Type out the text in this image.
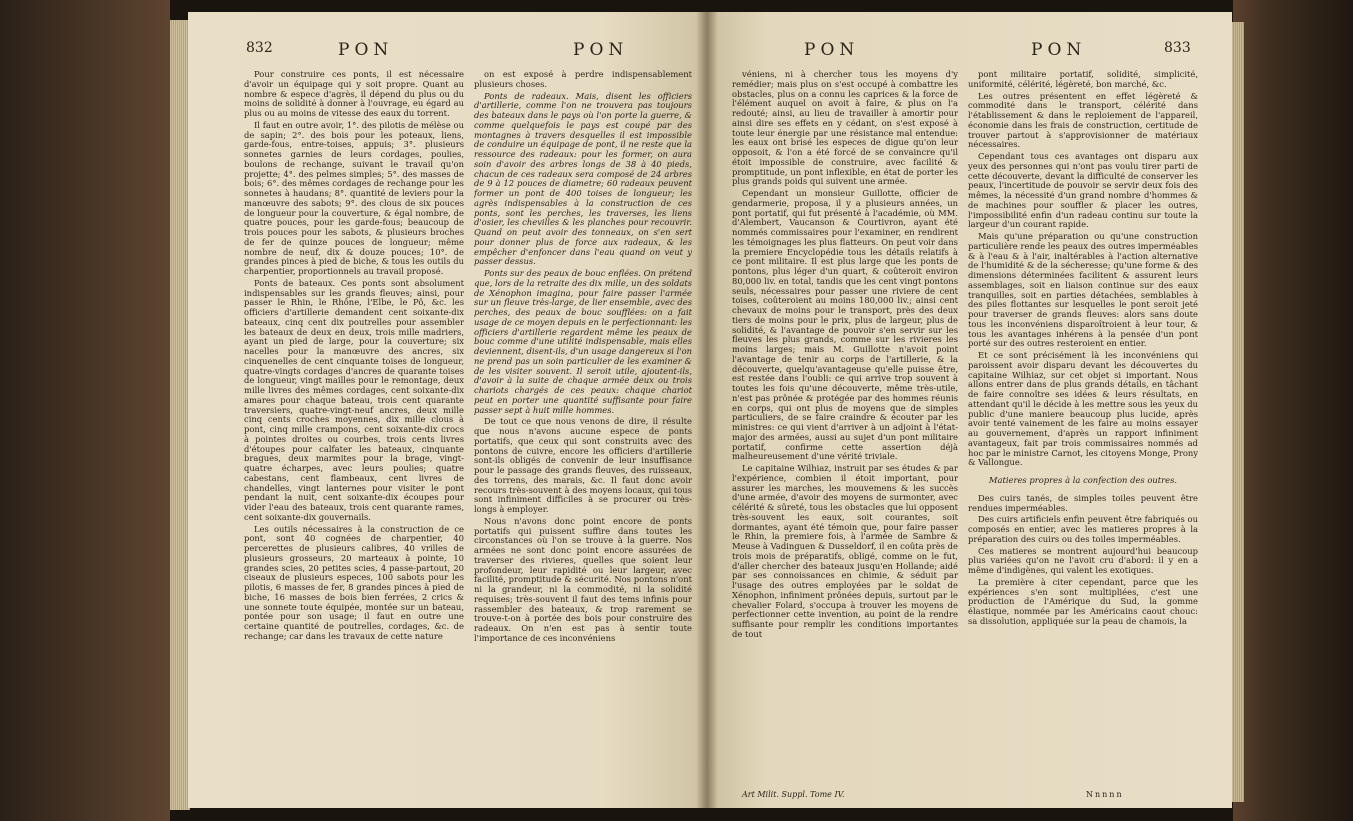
832	PON	PON

Pour construire ces ponts, il est nécessaire d'avoir un équipage qui y soit propre. Quant au nombre & espece d'agrès, il dépend du plus ou du moins de solidité à donner à l'ouvrage, eu égard au plus ou au moins de vitesse des eaux du torrent.

Il faut en outre avoir, 1°. des pilotis de mélèse ou de sapin; 2°. des bois pour les poteaux, liens, garde-fous, entre-toises, appuis; 3°. plusieurs sonnetes garnies de leurs cordages, poulies, boulons de rechange, suivant le travail qu'on projette; 4°. des pelmes simples; 5°. des masses de bois; 6°. des mêmes cordages de rechange pour les sonnetes à haudans; 8°. quantité de leviers pour la manœuvre des sabots; 9°. des clous de six pouces de longueur pour la couverture, & égal nombre, de quatre pouces, pour les garde-fous; beaucoup de trois pouces pour les sabots, & plusieurs broches de fer de quinze pouces de longueur; même nombre de neuf, dix & douze pouces; 10°. de grandes pinces à pied de biche, & tous les outils du charpentier, proportionnels au travail proposé.

Ponts de bateaux. Ces ponts sont absolument indispensables sur les grands fleuves; ainsi, pour passer le Rhin, le Rhône, l'Elbe, le Pô, &c. les officiers d'artillerie demandent cent soixante-dix bateaux, cinq cent dix poutrelles pour assembler les bateaux de deux en deux, trois mille madriers, ayant un pied de large, pour la couverture; six nacelles pour la manœuvre des ancres, six cinquenelles de cent cinquante toises de longueur, quatre-vingts cordages d'ancres de quarante toises de longueur, vingt mailles pour le remontage, deux mille livres des mêmes cordages, cent soixante-dix amares pour chaque bateau, trois cent quarante traversiers, quatre-vingt-neuf ancres, deux mille cinq cents croches moyennes, dix mille clous à pont, cinq mille crampons, cent soixante-dix crocs à pointes droites ou courbes, trois cents livres d'étoupes pour calfater les bateaux, cinquante bragues, deux marmites pour la brage, vingt-quatre écharpes, avec leurs poulies; quatre cabestans, cent flambeaux, cent livres de chandelles, vingt lanternes pour visiter le pont pendant la nuit, cent soixante-dix écoupes pour vider l'eau des bateaux, trois cent quarante rames, cent soixante-dix gouvernails.

Les outils nécessaires à la construction de ce pont, sont 40 cognées de charpentier, 40 percerettes de plusieurs calibres, 40 vrilles de plusieurs grosseurs, 20 marteaux à pointe, 10 grandes scies, 20 petites scies, 4 passe-partout, 20 ciseaux de plusieurs especes, 100 sabots pour les pilotis, 6 masses de fer, 8 grandes pinces à pied de biche, 16 masses de bois bien ferrées, 2 crics & une sonnete toute équipée, montée sur un bateau, pontée pour son usage; il faut en outre une certaine quantité de poutrelles, cordages, &c. de rechange; car dans les travaux de cette nature

on est exposé à perdre indispensablement plusieurs choses.

Ponts de radeaux. Mais, disent les officiers d'artillerie, comme l'on ne trouvera pas toujours des bateaux dans le pays où l'on porte la guerre, & comme quelquefois le pays est coupé par des montagnes à travers desquelles il est impossible de conduire un équipage de pont, il ne reste que la ressource des radeaux: pour les former, on aura soin d'avoir des arbres longs de 38 à 40 pieds, chacun de ces radeaux sera composé de 24 arbres de 9 à 12 pouces de diametre; 60 radeaux peuvent former un pont de 400 toises de longueur; les agrès indispensables à la construction de ces ponts, sont les perches, les traverses, les liens d'osier, les chevilles & les planches pour recouvrir. Quand on peut avoir des tonneaux, on s'en sert pour donner plus de force aux radeaux, & les empêcher d'enfoncer dans l'eau quand on veut y passer dessus.

Ponts sur des peaux de bouc enflées. On prétend que, lors de la retraite des dix mille, un des soldats de Xénophon imagina, pour faire passer l'armée sur un fleuve très-large, de lier ensemble, avec des perches, des peaux de bouc soufflées: on a fait usage de ce moyen depuis en le perfectionnant: les officiers d'artillerie regardent même les peaux de bouc comme d'une utilité indispensable, mais elles deviennent, disent-ils, d'un usage dangereux si l'on ne prend pas un soin particulier de les examiner & de les visiter souvent. Il seroit utile, ajoutent-ils, d'avoir à la suite de chaque armée deux ou trois chariots chargés de ces peaux: chaque chariot peut en porter une quantité suffisante pour faire passer sept à huit mille hommes.

De tout ce que nous venons de dire, il résulte que nous n'avons aucune espece de ponts portatifs, que ceux qui sont construits avec des pontons de cuivre, encore les officiers d'artillerie sont-ils obligés de convenir de leur insuffisance pour le passage des grands fleuves, des ruisseaux, des torrens, des marais, &c. Il faut donc avoir recours très-souvent à des moyens locaux, qui tous sont infiniment difficiles à se procurer ou très-longs à employer.

Nous n'avons donc point encore de ponts portatifs qui puissent suffire dans toutes les circonstances où l'on se trouve à la guerre. Nos armées ne sont donc point encore assurées de traverser des rivieres, quelles que soient leur profondeur, leur rapidité ou leur largeur, avec facilité, promptitude & sécurité. Nos pontons n'ont ni la grandeur, ni la commodité, ni la solidité requises; très-souvent il faut des tems infinis pour rassembler des bateaux, & trop rarement se trouve-t-on à portée des bois pour construire des radeaux. On n'en est pas à sentir toute l'importance de ces inconvéniens

PON	PON	833

véniens, ni à chercher tous les moyens d'y remédier; mais plus on s'est occupé à combattre les obstacles, plus on a connu les caprices & la force de l'élément auquel on avoit à faire, & plus on l'a redouté; ainsi, au lieu de travailler à amortir pour ainsi dire ses effets en y cédant, on s'est exposé à toute leur énergie par une résistance mal entendue: les eaux ont brisé les especes de digue qu'on leur opposoit, & l'on a été forcé de se convaincre qu'il étoit impossible de construire, avec facilité & promptitude, un pont inflexible, en état de porter les plus grands poids qui suivent une armée.

Cependant un monsieur Guillotte, officier de gendarmerie, proposa, il y a plusieurs années, un pont portatif, qui fut présenté à l'académie, où MM. d'Alembert, Vaucanson & Courtivron, ayant été nommés commissaires pour l'examiner, en rendirent les témoignages les plus flatteurs. On peut voir dans la premiere Encyclopédie tous les détails relatifs à ce pont militaire. Il est plus large que les ponts de pontons, plus léger d'un quart, & coûteroit environ 80,000 liv. en total, tandis que les cent vingt pontons seuls, nécessaires pour passer une riviere de cent toises, coûteroient au moins 180,000 liv.; ainsi cent chevaux de moins pour le transport, près des deux tiers de moins pour le prix, plus de largeur, plus de solidité, & l'avantage de pouvoir s'en servir sur les fleuves les plus grands, comme sur les rivieres les moins larges; mais M. Guillotte n'avoit point l'avantage de tenir au corps de l'artillerie, & la découverte, quelqu'avantageuse qu'elle puisse être, est restée dans l'oubli: ce qui arrive trop souvent à toutes les fois qu'une découverte, même très-utile, n'est pas prônée & protégée par des hommes réunis en corps, qui ont plus de moyens que de simples particuliers, de se faire craindre & écouter par les ministres: ce qui vient d'arriver à un adjoint à l'état-major des armées, aussi au sujet d'un pont militaire portatif, confirme cette assertion déjà malheureusement d'une vérité triviale.

Le capitaine Wilhiaz, instruit par ses études & par l'expérience, combien il étoit important, pour assurer les marches, les mouvemens & les succès d'une armée, d'avoir des moyens de surmonter, avec célérité & sûreté, tous les obstacles que lui opposent très-souvent les eaux, soit courantes, soit dormantes, ayant été témoin que, pour faire passer le Rhin, la premiere fois, à l'armée de Sambre & Meuse à Vadinguen & Dusseldorf, il en coûta près de trois mois de préparatifs, obligé, comme on le fut, d'aller chercher des bateaux jusqu'en Hollande; aidé par ses connoissances en chimie, & séduit par l'usage des outres employées par le soldat de Xénophon, infiniment prônées depuis, surtout par le chevalier Folard, s'occupa à trouver les moyens de perfectionner cette invention, au point de la rendre suffisante pour remplir les conditions importantes de tout

Art Milit. Suppl. Tome IV.

pont militaire portatif, solidité, simplicité, uniformité, célérité, légèreté, bon marché, &c.

Les outres présentent en effet légèreté & commodité dans le transport, célérité dans l'établissement & dans le reploiement de l'appareil, économie dans les frais de construction, certitude de trouver partout à s'approvisionner de matériaux nécessaires.

Cependant tous ces avantages ont disparu aux yeux des personnes qui n'ont pas voulu tirer parti de cette découverte, devant la difficulté de conserver les peaux, l'incertitude de pouvoir se servir deux fois des mêmes, la nécessité d'un grand nombre d'hommes & de machines pour souffler & placer les outres, l'impossibilité enfin d'un radeau continu sur toute la largeur d'un courant rapide.

Mais qu'une préparation ou qu'une construction particulière rende les peaux des outres imperméables & à l'eau & à l'air, inaltérables à l'action alternative de l'humidité & de la sécheresse; qu'une forme & des dimensions déterminées facilitent & assurent leurs assemblages, soit en liaison continue sur des eaux tranquilles, soit en parties détachées, semblables à des piles flottantes sur lesquelles le pont seroit jeté pour traverser de grands fleuves: alors sans doute tous les inconvéniens disparoîtroient à leur tour, & tous les avantages inhérens à la pensée d'un pont porté sur des outres resteroient en entier.

Et ce sont précisément là les inconvéniens qui paroissent avoir disparu devant les découvertes du capitaine Wilhiaz, sur cet objet si important. Nous allons entrer dans de plus grands détails, en tâchant de faire connoître ses idées & leurs résultats, en attendant qu'il le décide à les mettre sous les yeux du public d'une maniere beaucoup plus lucide, après avoir tenté vainement de les faire au moins essayer au gouvernement, d'après un rapport infiniment avantageux, fait par trois commissaires nommés ad hoc par le ministre Carnot, les citoyens Monge, Prony & Vallongue.

Matieres propres à la confection des outres.

Des cuirs tanés, de simples toiles peuvent être rendues imperméables.

Des cuirs artificiels enfin peuvent être fabriqués ou composés en entier, avec les matieres propres à la préparation des cuirs ou des toiles imperméables.

Ces matieres se montrent aujourd'hui beaucoup plus variées qu'on ne l'avoit cru d'abord: il y en a même d'indigènes, qui valent les exotiques.

La première à citer cependant, parce que les expériences s'en sont multipliées, c'est une production de l'Amérique du Sud, la gomme élastique, nommée par les Américains caout chouc: sa dissolution, appliquée sur la peau de chamois, la

Nnnnn
